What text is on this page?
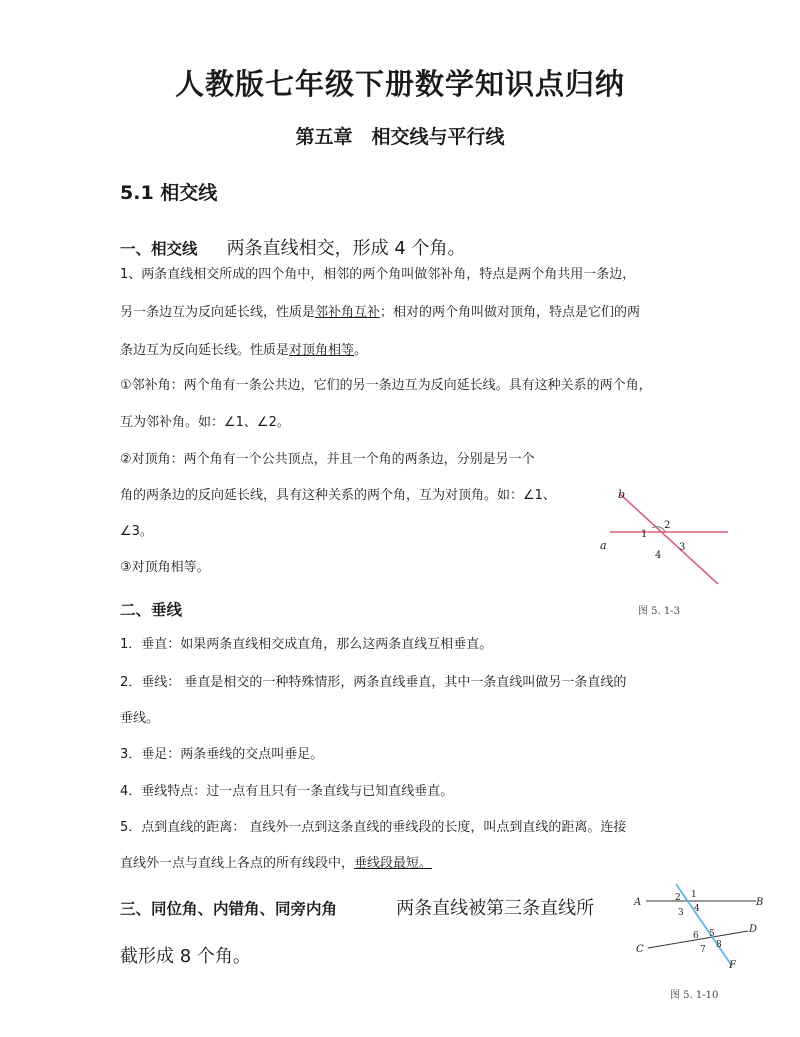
人教版七年级下册数学知识点归纳
第五章　相交线与平行线
5.1 相交线
一、相交线 两条直线相交，形成 4 个角。
1、两条直线相交所成的四个角中，相邻的两个角叫做邻补角，特点是两个角共用一条边，
另一条边互为反向延长线，性质是邻补角互补；相对的两个角叫做对顶角，特点是它们的两
条边互为反向延长线。性质是对顶角相等。
①邻补角：两个角有一条公共边，它们的另一条边互为反向延长线。具有这种关系的两个角，
互为邻补角。如：∠1、∠2。
②对顶角：两个角有一个公共顶点，并且一个角的两条边，分别是另一个
角的两条边的反向延长线，具有这种关系的两个角，互为对顶角。如：∠1、
∠3。
③对顶角相等。
b
a
1
2
3
4
图 5. 1-3
二、垂线
1．垂直：如果两条直线相交成直角，那么这两条直线互相垂直。
2．垂线： 垂直是相交的一种特殊情形，两条直线垂直，其中一条直线叫做另一条直线的
垂线。
3．垂足：两条垂线的交点叫垂足。
4．垂线特点：过一点有且只有一条直线与已知直线垂直。
5．点到直线的距离： 直线外一点到这条直线的垂线段的长度，叫点到直线的距离。连接
直线外一点与直线上各点的所有线段中，垂线段最短。
三、同位角、内错角、同旁内角	两条直线被第三条直线所
截形成 8 个角。
A	B
C
D
F
1
2
3 4
5
6
7 8
图 5. 1-10
